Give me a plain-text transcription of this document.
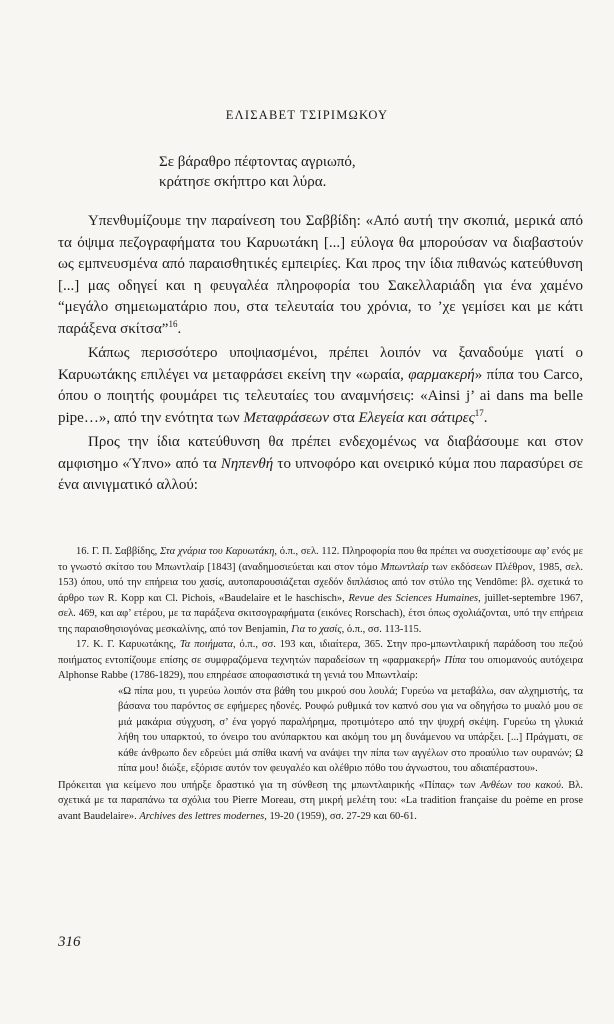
ΕΛΙΣΑΒΕΤ ΤΣΙΡΙΜΩΚΟΥ
Σε βάραθρο πέφτοντας αγριωπό,
κράτησε σκήπτρο και λύρα.

Υπενθυμίζουμε την παραίνεση του Σαββίδη: «Από αυτή την σκοπιά, μερικά από τα όψιμα πεζογραφήματα του Καρυωτάκη [...] εύλογα θα μπορούσαν να διαβαστούν ως εμπνευσμένα από παραισθητικές εμπειρίες. Και προς την ίδια πιθανώς κατεύθυνση [...] μας οδηγεί και η φευγαλέα πληροφορία του Σακελλαριάδη για ένα χαμένο “μεγάλο σημειωματάριο που, στα τελευταία του χρόνια, το ’χε γεμίσει και με κάτι παράξενα σκίτσα”$^{16}$.

Κάπως περισσότερο υποψιασμένοι, πρέπει λοιπόν να ξαναδούμε γιατί ο Καρυωτάκης επιλέγει να μεταφράσει εκείνη την «ωραία, φαρμακερή» πίπα του Carco, όπου ο ποιητής φουμάρει τις τελευταίες του αναμνήσεις: «Ainsi j’ ai dans ma belle pipe…», από την ενότητα των Μεταφράσεων στα Ελεγεία και σάτιρες$^{17}$.

Προς την ίδια κατεύθυνση θα πρέπει ενδεχομένως να διαβάσουμε και στον αμφισημο «Ύπνο» από τα Νηπενθή το υπνοφόρο και ονειρικό κύμα που παρασύρει σε ένα αινιγματικό αλλού:

16. Γ. Π. Σαββίδης, Στα χνάρια του Καρυωτάκη, ό.π., σελ. 112. Πληροφορία που θα πρέπει να συσχετίσουμε αφ’ ενός με το γνωστό σκίτσο του Μπωντλαίρ [1843] (αναδημοσιεύεται και στον τόμο Μπωντλαίρ των εκδόσεων Πλέθρον, 1985, σελ. 153) όπου, υπό την επήρεια του χασίς, αυτοπαρουσιάζεται σχεδόν διπλάσιος από τον στύλο της Vendôme: βλ. σχετικά το άρθρο των R. Kopp και Cl. Pichois, «Baudelaire et le haschisch», Revue des Sciences Humaines, juillet-septembre 1967, σελ. 469, και αφ’ ετέρου, με τα παράξενα σκιτσογραφήματα (εικόνες Rorschach), έτσι όπως σχολιάζονται, υπό την επήρεια της παραισθησιογόνας μεσκαλίνης, από τον Benjamin, Για το χασίς, ό.π., σσ. 113-115.

17. Κ. Γ. Καρυωτάκης, Τα ποιήματα, ό.π., σσ. 193 και, ιδιαίτερα, 365. Στην προ-μπωντλαιρική παράδοση του πεζού ποιήματος εντοπίζουμε επίσης σε συμφραζόμενα τεχνητών παραδείσων τη «φαρμακερή» Πίπα του οπιομανούς αυτόχειρα Alphonse Rabbe (1786-1829), που επηρέασε αποφασιστικά τη γενιά του Μπωντλαίρ:

«Ω πίπα μου, τι γυρεύω λοιπόν στα βάθη του μικρού σου λουλά; Γυρεύω να μεταβάλω, σαν αλχημιστής, τα βάσανα του παρόντος σε εφήμερες ηδονές. Ρουφώ ρυθμικά τον καπνό σου για να οδηγήσω το μυαλό μου σε μιά μακάρια σύγχυση, σ’ ένα γοργό παραλήρημα, προτιμότερο από την ψυχρή σκέψη. Γυρεύω τη γλυκιά λήθη του υπαρκτού, το όνειρο του ανύπαρκτου και ακόμη του μη δυνάμενου να υπάρξει. [...] Πράγματι, σε κάθε άνθρωπο δεν εδρεύει μιά σπίθα ικανή να ανάψει την πίπα των αγγέλων στο προαύλιο των ουρανών; Ω πίπα μου! διώξε, εξόρισε αυτόν τον φευγαλέο και ολέθριο πόθο του άγνωστου, του αδιαπέραστου».

Πρόκειται για κείμενο που υπήρξε δραστικό για τη σύνθεση της μπωντλαιρικής «Πίπας» των Ανθέων του κακού. Βλ. σχετικά με τα παραπάνω τα σχόλια του Pierre Moreau, στη μικρή μελέτη του: «La tradition française du poème en prose avant Baudelaire». Archives des lettres modernes, 19-20 (1959), σσ. 27-29 και 60-61.

316
